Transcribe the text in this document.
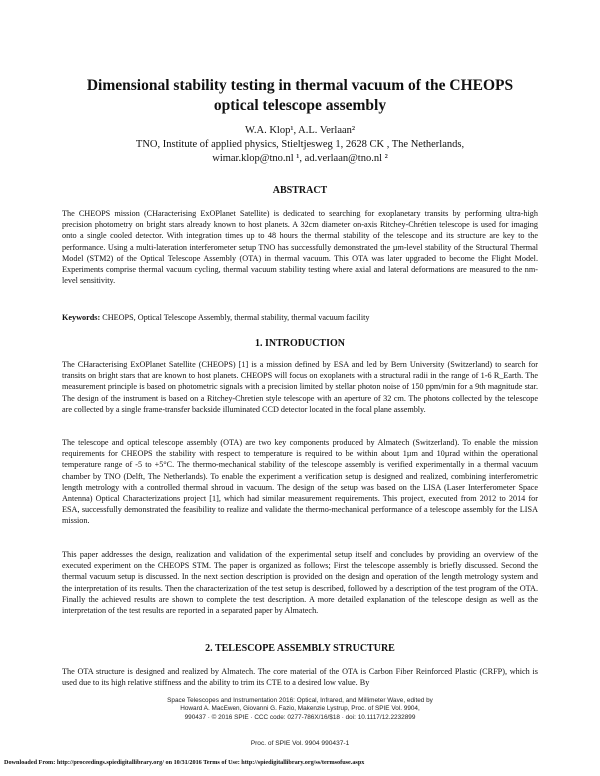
Dimensional stability testing in thermal vacuum of the CHEOPS
optical telescope assembly
W.A. Klop¹, A.L. Verlaan²
TNO, Institute of applied physics, Stieltjesweg 1, 2628 CK , The Netherlands,
wimar.klop@tno.nl ¹, ad.verlaan@tno.nl ²
ABSTRACT

The CHEOPS mission (CHaracterising ExOPlanet Satellite) is dedicated to searching for exoplanetary transits by performing ultra-high precision photometry on bright stars already known to host planets. A 32cm diameter on-axis Ritchey-Chrétien telescope is used for imaging onto a single cooled detector. With integration times up to 48 hours the thermal stability of the telescope and its structure are key to the performance. Using a multi-lateration interferometer setup TNO has successfully demonstrated the µm-level stability of the Structural Thermal Model (STM2) of the Optical Telescope Assembly (OTA) in thermal vacuum. This OTA was later upgraded to become the Flight Model. Experiments comprise thermal vacuum cycling, thermal vacuum stability testing where axial and lateral deformations are measured to the nm-level sensitivity.

Keywords: CHEOPS, Optical Telescope Assembly, thermal stability, thermal vacuum facility
1. INTRODUCTION

The CHaracterising ExOPlanet Satellite (CHEOPS) [1] is a mission defined by ESA and led by Bern University (Switzerland) to search for transits on bright stars that are known to host planets. CHEOPS will focus on exoplanets with a structural radii in the range of 1-6 R_Earth. The measurement principle is based on photometric signals with a precision limited by stellar photon noise of 150 ppm/min for a 9th magnitude star. The design of the instrument is based on a Ritchey-Chretien style telescope with an aperture of 32 cm. The photons collected by the telescope are collected by a single frame-transfer backside illuminated CCD detector located in the focal plane assembly.

The telescope and optical telescope assembly (OTA) are two key components produced by Almatech (Switzerland). To enable the mission requirements for CHEOPS the stability with respect to temperature is required to be within about 1µm and 10µrad within the operational temperature range of -5 to +5°C. The thermo-mechanical stability of the telescope assembly is verified experimentally in a thermal vacuum chamber by TNO (Delft, The Netherlands). To enable the experiment a verification setup is designed and realized, combining interferometric length metrology with a controlled thermal shroud in vacuum. The design of the setup was based on the LISA (Laser Interferometer Space Antenna) Optical Characterizations project [1], which had similar measurement requirements. This project, executed from 2012 to 2014 for ESA, successfully demonstrated the feasibility to realize and validate the thermo-mechanical performance of a telescope assembly for the LISA mission.

This paper addresses the design, realization and validation of the experimental setup itself and concludes by providing an overview of the executed experiment on the CHEOPS STM. The paper is organized as follows; First the telescope assembly is briefly discussed. Second the thermal vacuum setup is discussed. In the next section description is provided on the design and operation of the length metrology system and the interpretation of its results. Then the characterization of the test setup is described, followed by a description of the test program of the OTA. Finally the achieved results are shown to complete the test description. A more detailed explanation of the telescope design as well as the interpretation of the test results are reported in a separated paper by Almatech.

2. TELESCOPE ASSEMBLY STRUCTURE

The OTA structure is designed and realized by Almatech. The core material of the OTA is Carbon Fiber Reinforced Plastic (CRFP), which is used due to its high relative stiffness and the ability to trim its CTE to a desired low value. By

Space Telescopes and Instrumentation 2016: Optical, Infrared, and Millimeter Wave, edited by
Howard A. MacEwen, Giovanni G. Fazio, Makenzie Lystrup, Proc. of SPIE Vol. 9904,
990437 · © 2016 SPIE · CCC code: 0277-786X/16/$18 · doi: 10.1117/12.2232899
Proc. of SPIE Vol. 9904 990437-1
Downloaded From: http://proceedings.spiedigitallibrary.org/ on 10/31/2016 Terms of Use: http://spiedigitallibrary.org/ss/termsofuse.aspx
